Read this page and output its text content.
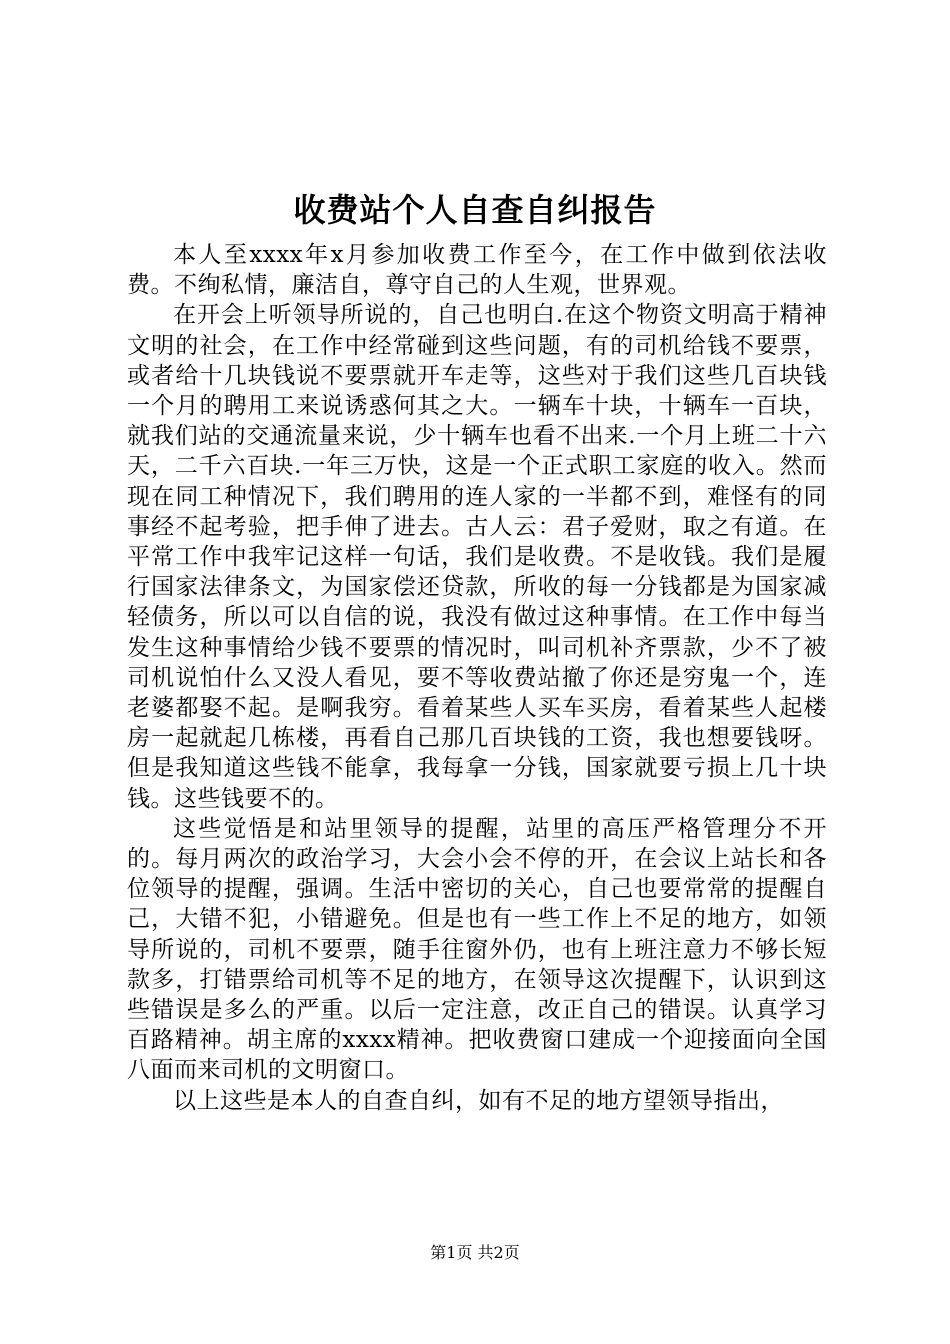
收费站个人自查自纠报告

本人至xxxx年x月参加收费工作至今，在工作中做到依法收费。不绚私情，廉洁自，尊守自己的人生观，世界观。

在开会上听领导所说的，自己也明白.在这个物资文明高于精神文明的社会，在工作中经常碰到这些问题，有的司机给钱不要票，或者给十几块钱说不要票就开车走等，这些对于我们这些几百块钱一个月的聘用工来说诱惑何其之大。一辆车十块，十辆车一百块，就我们站的交通流量来说，少十辆车也看不出来.一个月上班二十六天，二千六百块.一年三万快，这是一个正式职工家庭的收入。然而现在同工种情况下，我们聘用的连人家的一半都不到，难怪有的同事经不起考验，把手伸了进去。古人云：君子爱财，取之有道。在平常工作中我牢记这样一句话，我们是收费。不是收钱。我们是履行国家法律条文，为国家偿还贷款，所收的每一分钱都是为国家减轻债务，所以可以自信的说，我没有做过这种事情。在工作中每当发生这种事情给少钱不要票的情况时，叫司机补齐票款，少不了被司机说怕什么又没人看见，要不等收费站撤了你还是穷鬼一个，连老婆都娶不起。是啊我穷。看着某些人买车买房，看着某些人起楼房一起就起几栋楼，再看自己那几百块钱的工资，我也想要钱呀。但是我知道这些钱不能拿，我每拿一分钱，国家就要亏损上几十块钱。这些钱要不的。

这些觉悟是和站里领导的提醒，站里的高压严格管理分不开的。每月两次的政治学习，大会小会不停的开，在会议上站长和各位领导的提醒，强调。生活中密切的关心，自己也要常常的提醒自己，大错不犯，小错避免。但是也有一些工作上不足的地方，如领导所说的，司机不要票，随手往窗外仍，也有上班注意力不够长短款多，打错票给司机等不足的地方，在领导这次提醒下，认识到这些错误是多么的严重。以后一定注意，改正自己的错误。认真学习百路精神。胡主席的xxxx精神。把收费窗口建成一个迎接面向全国八面而来司机的文明窗口。

以上这些是本人的自查自纠，如有不足的地方望领导指出，

第1页 共2页
